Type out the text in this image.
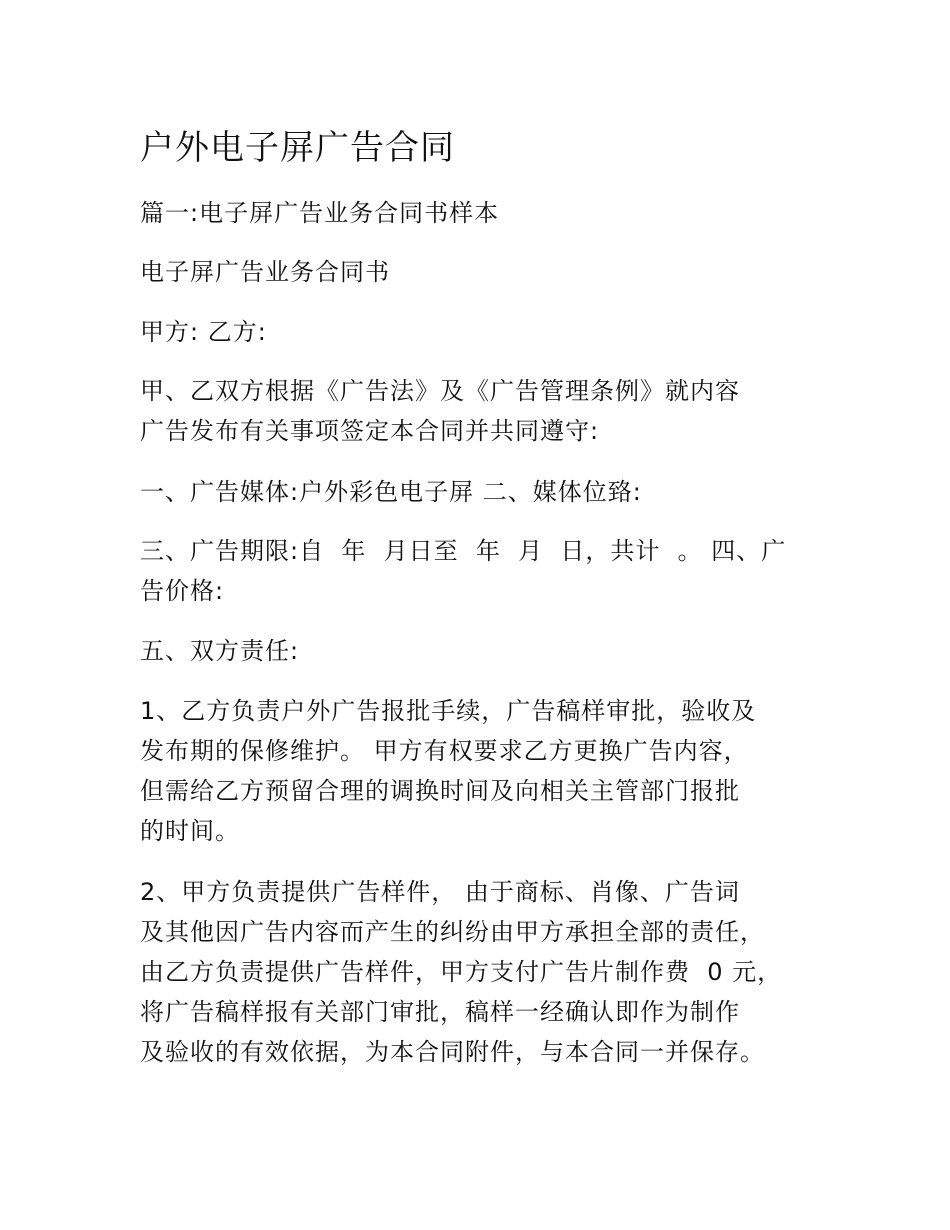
户外电子屏广告合同
篇一:电子屏广告业务合同书样本
电子屏广告业务合同书
甲方: 乙方:
甲、乙双方根据《广告法》及《广告管理条例》就内容
广告发布有关事项签定本合同并共同遵守:
一、广告媒体:户外彩色电子屏 二、媒体位臵:
三、广告期限:自  年  月日至  年  月  日，共计  。 四、广
告价格:
五、双方责任:
1、乙方负责户外广告报批手续，广告稿样审批，验收及
发布期的保修维护。 甲方有权要求乙方更换广告内容，
但需给乙方预留合理的调换时间及向相关主管部门报批
的时间。
2、甲方负责提供广告样件， 由于商标、肖像、广告词
及其他因广告内容而产生的纠纷由甲方承担全部的责任，
由乙方负责提供广告样件，甲方支付广告片制作费  0 元，
将广告稿样报有关部门审批，稿样一经确认即作为制作
及验收的有效依据，为本合同附件，与本合同一并保存。
